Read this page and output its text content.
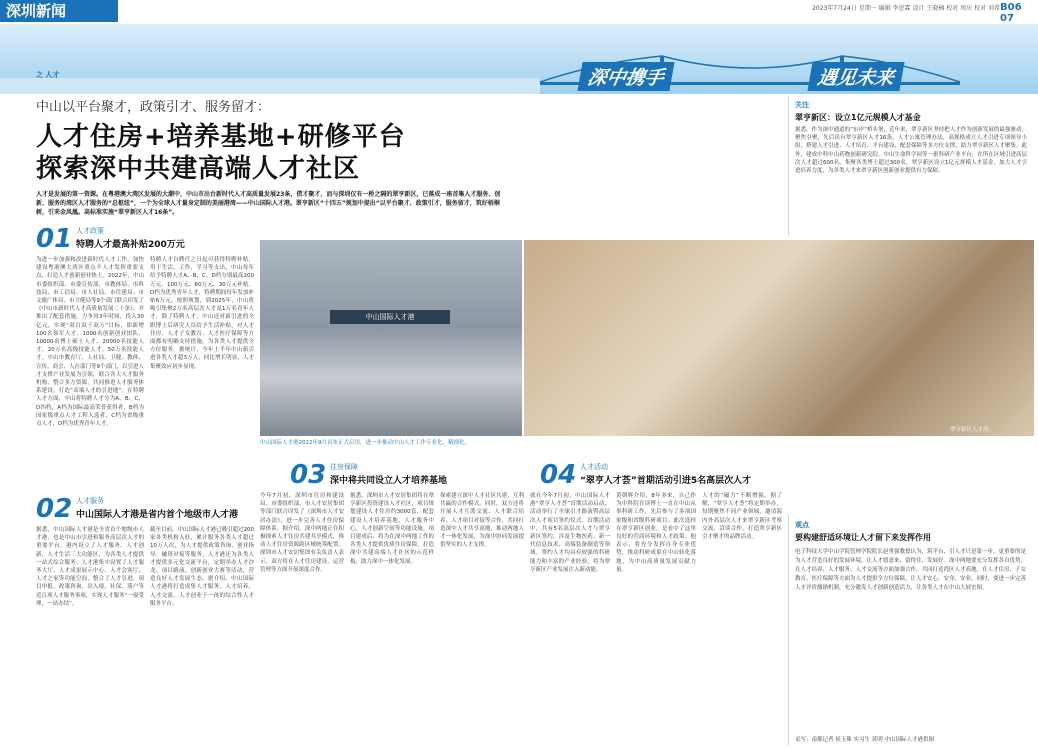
深圳新闻	2023年7月24日 星期一 编辑 李思霖 设计 王晓楠 校对 周庆 校对 刘希 B06 07
深中携手	遇见未来
之 人才
中山以平台聚才，政策引才、服务留才：
人才住房+培养基地+研修平台
探索深中共建高端人才社区
人才是发展的第一资源。在粤港澳大湾区发展的大潮中，中山市出台新时代人才高质量发展23条，借才聚才，而与深圳仅有一桥之隔的翠亨新区，已落成一座首集人才服务、创新、服务的湾区人才服务的“总枢纽”，一个为全球人才量身定制的美丽港湾——中山国际人才港。翠亨新区“十四五”规划中提出“以平台聚才，政策引才，服务留才，筑好梧桐树，引来金凤凰。高标准实施“翠亨新区人才16条”。
01 人才政策
特聘人才最高补贴200万元
为进一步加强和改进新时代人才工作，加快建设粤港澳大湾区重点平人才发挥重要支点，打造人才创新创业热土。2022年，中山市委组织部、市委宣传部、市教体局、市科技局、市工信局、市人社局、市住建局、市文旅广体局、市卫健局等9个部门联合印发了《中山市新时代人才高质量发展二十条》，并推出了配套措施，力争用3年时间，投入30亿元，实现“双百双千双万”目标，即新增100名领军人才、1000名创新创业团队、10000名博士硕士人才、20000名技能人才、20万名高级技能人才、50万名技能人才。中山市教育厅、人社局、卫健、教体、宣传、商会、人社部门等9个部门，以引进人才支撑产业发展为引领，联合各大人才服务机构，整合多方资源，共同推进人才服务体系建设，打造“高端人才的引进地”。在特聘人才方面，中山将特聘人才分为A、B、C、D四档，A档为国际最高荣誉获得者，B档为国家级重点人才工程入选者，C档为省级重点人才，D档为优秀青年人才。
特聘人才自聘任之日起可获得特聘补贴，用于生活、工作、学习等支出，中山每年给予特聘人才A、B、C、D档分别最高200万元、100万元、60万元、30万元补贴。D档为优秀青年人才，特聘期间每年发放补贴6万元。按照规划，到2025年，中山将吸引集聚2万名高层次人才及1万名青年人才。除了特聘人才，中山还对新引进的全职博士后研究人员给予生活补贴，对人才住房、人才子女教育、人才医疗保障等方面都有明确支持措施，为各类人才提供全方位服务。据统计，今年上半年中山新引进各类人才超3万人，同比增长明显，人才集聚效应初步显现。
中山国际人才港
中山国际人才港2022年9月首布正式启用，进一步推动中山人才工作专业化、精细化。
翠亨新区人才房。
02 人才服务
中山国际人才港是省内首个地级市人才港
据悉，中山国际人才港是全省首个地级市人才港，也是中山市引进和服务高层次人才的重要平台。港内设立了人才服务、人才创新、人才生活三大功能区，为各类人才提供一站式综合服务。人才港集中设置了人才服务大厅、人才成果展示中心、人才会客厅、人才之家等功能空间，整合了人才引进、项目申报、政策咨询、出入境、社保、落户等近百项人才服务事项，实现人才服务“一窗受理、一站办结”。
截至目前，中山国际人才港已吸引超过200家各类机构入驻，累计服务各类人才超过10万人次，为人才提供政策咨询、创业指导、融资对接等服务。人才港还为各类人才提供多元化交流平台，定期举办人才沙龙、项目路演、创新创业大赛等活动，营造良好人才发展生态。据介绍，中山国际人才港将打造成集人才服务、人才培养、人才交流、人才创业于一体的综合性人才服务平台。
03 住房保障
深中将共同设立人才培养基地
今年7月初，深圳市住房和建设局、市委组织部、市人才安居集团等部门联合印发了《深圳市人才安居办法》，进一步完善人才住房保障体系。据介绍，深中两地正在积极探索人才住房共建共享模式，推动人才住房资源跨区域统筹配置。深圳市人才安居集团有关负责人表示，双方将在人才住房建设、运营管理等方面开展深度合作。
据悉，深圳市人才安居集团将在翠亨新区投资建设人才社区，项目规划建设人才住房约3000套，配套建设人才培养基地、人才服务中心、人才创新空间等功能设施。项目建成后，将为在深中两地工作的各类人才提供优质住房保障，打造深中共建高端人才社区的示范样板，助力深中一体化发展。
探索建立深中人才社区共建、互利共赢的合作模式。同时，双方还将开展人才互派交流、人才联合培养、人才项目对接等合作，共同打造深中人才共享高地，推动两地人才一体化发展，为深中协同发展提供坚实的人才支撑。
04 人才活动
“翠亨人才荟”首期活动引进5名高层次人才
就在今年7月初，中山国际人才港“翠亨人才荟”首期活动启动，活动举行了全球引才路演暨高层次人才项目签约仪式。首期活动中，共有5名高层次人才与翠亨新区签约，涉及生物医药、新一代信息技术、高端装备制造等领域。签约人才均具有较强的科研能力和丰富的产业经验，将为翠亨新区产业发展注入新动能。
黄朝辉介绍，8年多来，自己作为中科院在读博士一直在中山从事科研工作，先后参与了多项国家级和省级科研项目。此次选择在翠亨新区创业，是看中了这里良好的营商环境和人才政策。他表示，将充分发挥自身专业优势，推动科研成果在中山转化落地，为中山高质量发展贡献力量。
人才的“磁力”不断增强。据了解，“翠亨人才荟”将定期举办，每期聚焦不同产业领域，邀请海内外高层次人才来翠亨新区考察交流、洽谈合作，打造翠亨新区引才聚才的品牌活动。
关注
翠亨新区：设立1亿元规模人才基金
据悉，作为深中通道的“东岸”桥头堡，近年来，翠亨新区坚持把人才作为创新发展的最强驱动，聚焦引聚，先后出台翠亨新区人才16条、人才公寓管理办法，高规格成立人才引进专项领导小组，搭建人才引进、人才培育、平台建设、配套保障等多方位支撑，助力翠亨新区人才聚集。此外，建成中科中山药物创新研究院、中山生命科学园等一批科研产业平台，在所在区域引进高层次人才超过600名，集聚各类博士超过300名。翠亨新区设立1亿元规模人才基金，加大人才引进培养力度，为各类人才来翠亨新区创新创业提供有力保障。
观点
要构建舒适环境让人才留下来发挥作用
电子科技大学中山学院管理学院院长赵勇强教授认为，筑平台、引人才只是第一步，更重要的是为人才营造良好的发展环境，让人才愿意来、留得住、发展好。深中两地要充分发挥各自优势，在人才培养、人才服务、人才交流等方面加强合作，共同打造湾区人才高地。在人才住房、子女教育、医疗保障等方面为人才提供全方位保障，让人才安心、安身、安业。同时，要进一步完善人才评价激励机制，充分激发人才创新创造活力，让各类人才在中山大展宏图。
采写：南都记者 侯玉珠 实习生 黄明 中山国际人才港供图
